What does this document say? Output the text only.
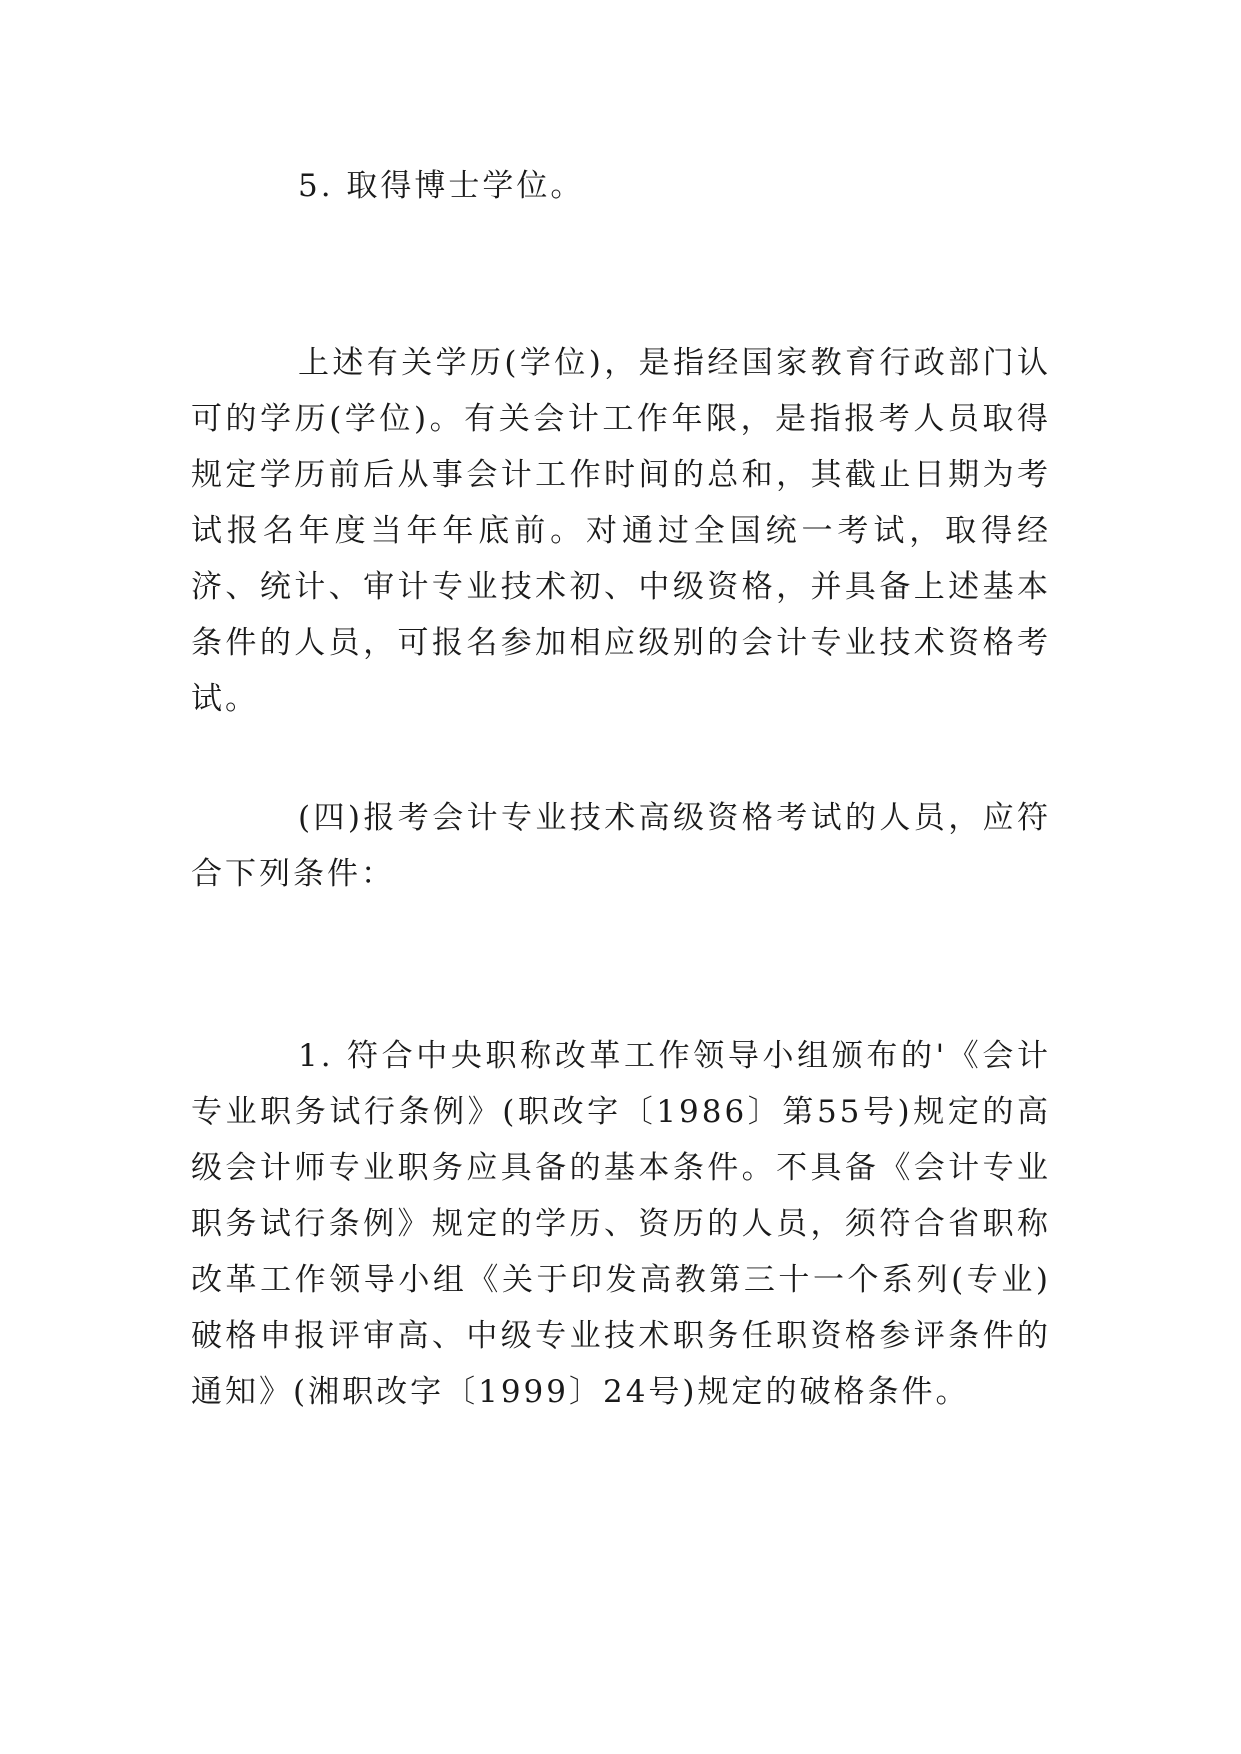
5. 取得博士学位。

上述有关学历(学位)，是指经国家教育行政部门认可的学历(学位)。有关会计工作年限，是指报考人员取得规定学历前后从事会计工作时间的总和，其截止日期为考试报名年度当年年底前。对通过全国统一考试，取得经济、统计、审计专业技术初、中级资格，并具备上述基本条件的人员，可报名参加相应级别的会计专业技术资格考试。

(四)报考会计专业技术高级资格考试的人员，应符合下列条件：

1. 符合中央职称改革工作领导小组颁布的'《会计专业职务试行条例》(职改字〔1986〕第55号)规定的高级会计师专业职务应具备的基本条件。不具备《会计专业职务试行条例》规定的学历、资历的人员，须符合省职称改革工作领导小组《关于印发高教第三十一个系列(专业)破格申报评审高、中级专业技术职务任职资格参评条件的通知》(湘职改字〔1999〕24号)规定的破格条件。
